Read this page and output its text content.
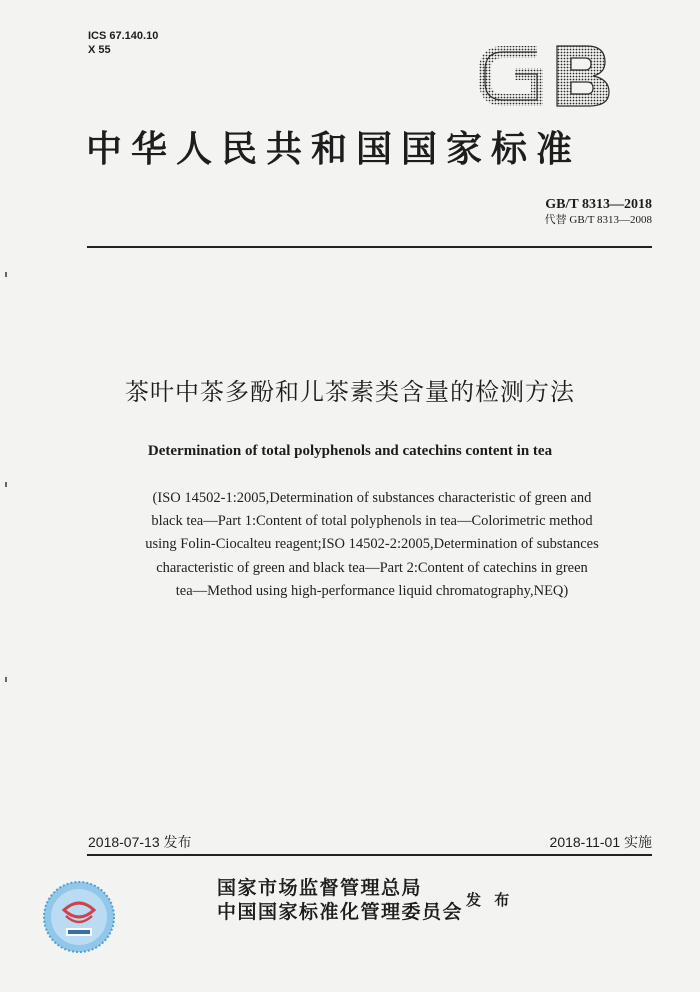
ICS 67.140.10
X 55
中华人民共和国国家标准
GB/T 8313—2018
代替 GB/T 8313—2008
茶叶中茶多酚和儿茶素类含量的检测方法
Determination of total polyphenols and catechins content in tea
(ISO 14502-1:2005,Determination of substances characteristic of green and
black tea—Part 1:Content of total polyphenols in tea—Colorimetric method
using Folin-Ciocalteu reagent;ISO 14502-2:2005,Determination of substances
characteristic of green and black tea—Part 2:Content of catechins in green
tea—Method using high-performance liquid chromatography,NEQ)
2018-07-13 发布	2018-11-01 实施
国家市场监督管理总局
中国国家标准化管理委员会
发 布
